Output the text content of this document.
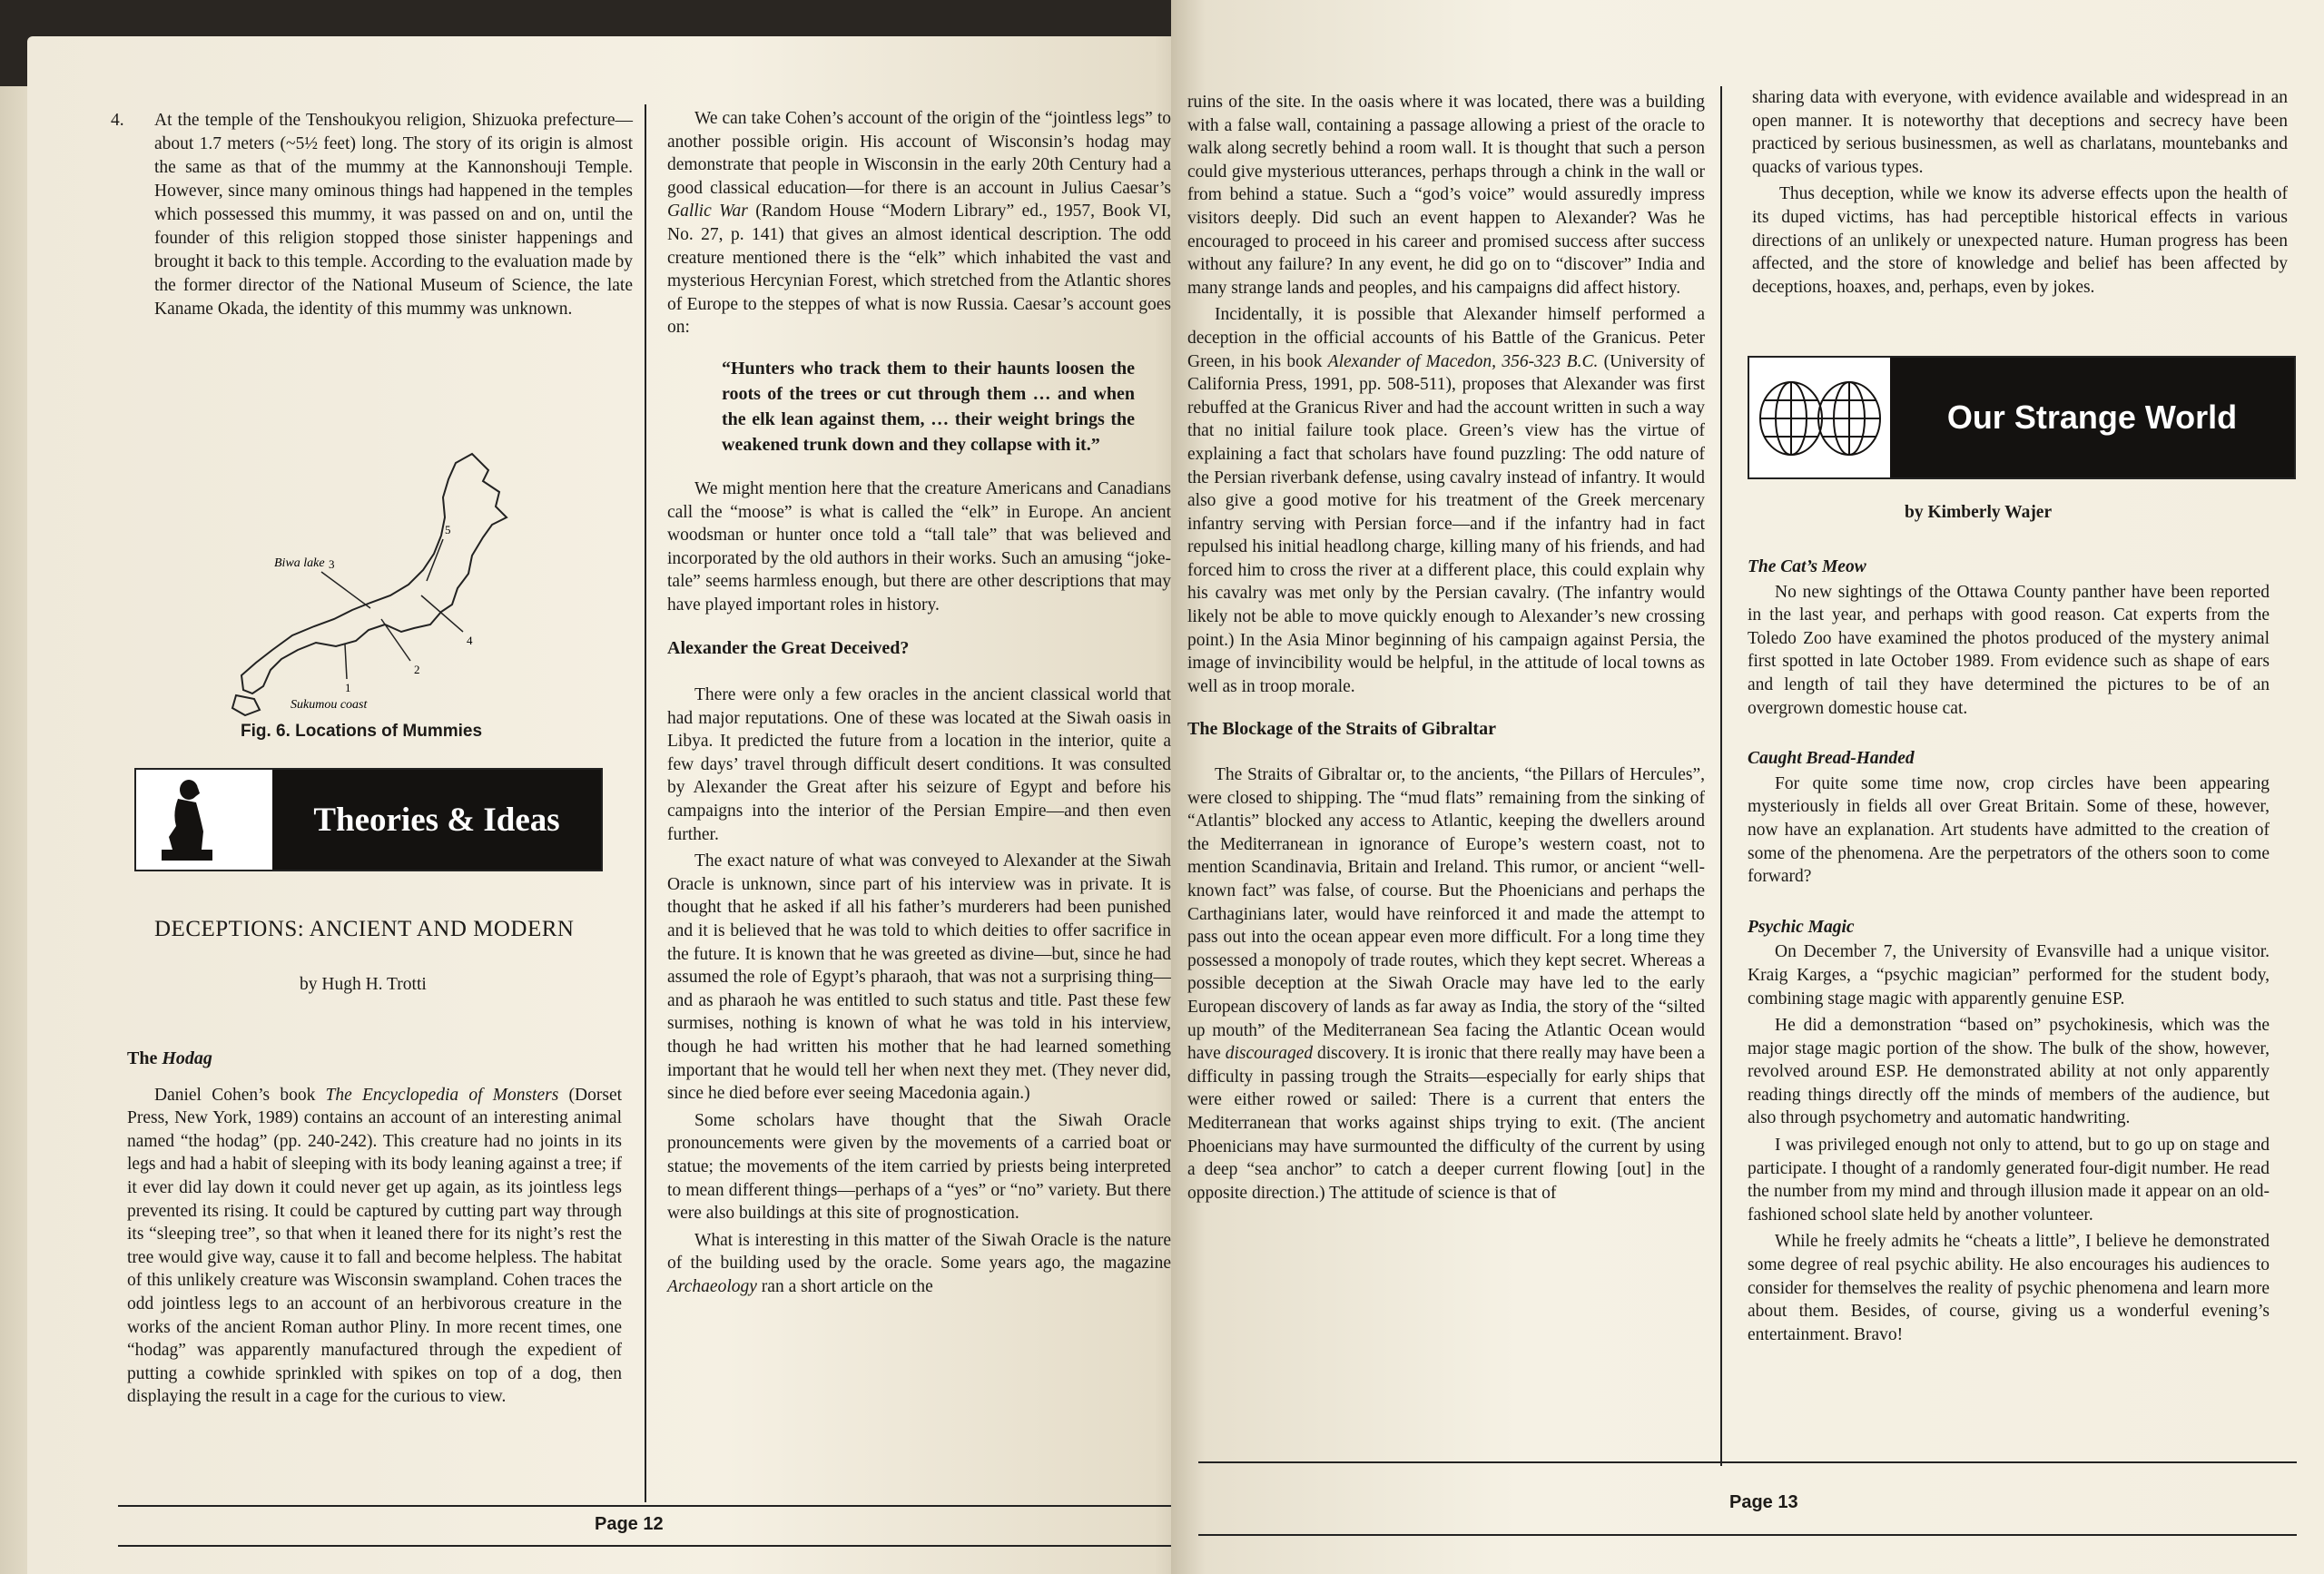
4. At the temple of the Tenshoukyou religion, Shizuoka prefecture—about 1.7 meters (~5½ feet) long. The story of its origin is almost the same as that of the mummy at the Kannonshouji Temple. However, since many ominous things had happened in the temples which possessed this mummy, it was passed on and on, until the founder of this religion stopped those sinister happenings and brought it back to this temple. According to the evaluation made by the former director of the National Museum of Science, the late Kaname Okada, the identity of this mummy was unknown.
Biwa lake
Sukumou coast
1
2
3
4
5
Fig. 6. Locations of Mummies
Theories & Ideas
DECEPTIONS: ANCIENT AND MODERN
by Hugh H. Trotti
The Hodag

Daniel Cohen’s book The Encyclopedia of Monsters (Dorset Press, New York, 1989) contains an account of an interesting animal named “the hodag” (pp. 240-242). This creature had no joints in its legs and had a habit of sleeping with its body leaning against a tree; if it ever did lay down it could never get up again, as its jointless legs prevented its rising. It could be captured by cutting part way through its “sleeping tree”, so that when it leaned there for its night’s rest the tree would give way, cause it to fall and become helpless. The habitat of this unlikely creature was Wisconsin swampland. Cohen traces the odd jointless legs to an account of an herbivorous creature in the works of the ancient Roman author Pliny. In more recent times, one “hodag” was apparently manufactured through the expedient of putting a cowhide sprinkled with spikes on top of a dog, then displaying the result in a cage for the curious to view.

We can take Cohen’s account of the origin of the “jointless legs” to another possible origin. His account of Wisconsin’s hodag may demonstrate that people in Wisconsin in the early 20th Century had a good classical education—for there is an account in Julius Caesar’s Gallic War (Random House “Modern Library” ed., 1957, Book VI, No. 27, p. 141) that gives an almost identical description. The odd creature mentioned there is the “elk” which inhabited the vast and mysterious Hercynian Forest, which stretched from the Atlantic shores of Europe to the steppes of what is now Russia. Caesar’s account goes on:

“Hunters who track them to their haunts loosen the roots of the trees or cut through them … and when the elk lean against them, … their weight brings the weakened trunk down and they collapse with it.”

We might mention here that the creature Americans and Canadians call the “moose” is what is called the “elk” in Europe. An ancient woodsman or hunter once told a “tall tale” that was believed and incorporated by the old authors in their works. Such an amusing “joke-tale” seems harmless enough, but there are other descriptions that may have played important roles in history.

Alexander the Great Deceived?

There were only a few oracles in the ancient classical world that had major reputations. One of these was located at the Siwah oasis in Libya. It predicted the future from a location in the interior, quite a few days’ travel through difficult desert conditions. It was consulted by Alexander the Great after his seizure of Egypt and before his campaigns into the interior of the Persian Empire—and then even further.

The exact nature of what was conveyed to Alexander at the Siwah Oracle is unknown, since part of his interview was in private. It is thought that he asked if all his father’s murderers had been punished and it is believed that he was told to which deities to offer sacrifice in the future. It is known that he was greeted as divine—but, since he had assumed the role of Egypt’s pharaoh, that was not a surprising thing—and as pharaoh he was entitled to such status and title. Past these few surmises, nothing is known of what he was told in his interview, though he had written his mother that he had learned something important that he would tell her when next they met. (They never did, since he died before ever seeing Macedonia again.)

Some scholars have thought that the Siwah Oracle pronouncements were given by the movements of a carried boat or statue; the movements of the item carried by priests being interpreted to mean different things—perhaps of a “yes” or “no” variety. But there were also buildings at this site of prognostication.

What is interesting in this matter of the Siwah Oracle is the nature of the building used by the oracle. Some years ago, the magazine Archaeology ran a short article on the

Page 12

ruins of the site. In the oasis where it was located, there was a building with a false wall, containing a passage allowing a priest of the oracle to walk along secretly behind a room wall. It is thought that such a person could give mysterious utterances, perhaps through a chink in the wall or from behind a statue. Such a “god’s voice” would assuredly impress visitors deeply. Did such an event happen to Alexander? Was he encouraged to proceed in his career and promised success after success without any failure? In any event, he did go on to “discover” India and many strange lands and peoples, and his campaigns did affect history.

Incidentally, it is possible that Alexander himself performed a deception in the official accounts of his Battle of the Granicus. Peter Green, in his book Alexander of Macedon, 356-323 B.C. (University of California Press, 1991, pp. 508-511), proposes that Alexander was first rebuffed at the Granicus River and had the account written in such a way that no initial failure took place. Green’s view has the virtue of explaining a fact that scholars have found puzzling: The odd nature of the Persian riverbank defense, using cavalry instead of infantry. It would also give a good motive for his treatment of the Greek mercenary infantry serving with Persian force—and if the infantry had in fact repulsed his initial headlong charge, killing many of his friends, and had forced him to cross the river at a different place, this could explain why his cavalry was met only by the Persian cavalry. (The infantry would likely not be able to move quickly enough to Alexander’s new crossing point.) In the Asia Minor beginning of his campaign against Persia, the image of invincibility would be helpful, in the attitude of local towns as well as in troop morale.

The Blockage of the Straits of Gibraltar

The Straits of Gibraltar or, to the ancients, “the Pillars of Hercules”, were closed to shipping. The “mud flats” remaining from the sinking of “Atlantis” blocked any access to Atlantic, keeping the dwellers around the Mediterranean in ignorance of Europe’s western coast, not to mention Scandinavia, Britain and Ireland. This rumor, or ancient “well-known fact” was false, of course. But the Phoenicians and perhaps the Carthaginians later, would have reinforced it and made the attempt to pass out into the ocean appear even more difficult. For a long time they possessed a monopoly of trade routes, which they kept secret. Whereas a possible deception at the Siwah Oracle may have led to the early European discovery of lands as far away as India, the story of the “silted up mouth” of the Mediterranean Sea facing the Atlantic Ocean would have discouraged discovery. It is ironic that there really may have been a difficulty in passing trough the Straits—especially for early ships that were either rowed or sailed: There is a current that enters the Mediterranean that works against ships trying to exit. (The ancient Phoenicians may have surmounted the difficulty of the current by using a deep “sea anchor” to catch a deeper current flowing [out] in the opposite direction.) The attitude of science is that of

sharing data with everyone, with evidence available and widespread in an open manner. It is noteworthy that deceptions and secrecy have been practiced by serious businessmen, as well as charlatans, mountebanks and quacks of various types.

Thus deception, while we know its adverse effects upon the health of its duped victims, has had perceptible historical effects in various directions of an unlikely or unexpected nature. Human progress has been affected, and the store of knowledge and belief has been affected by deceptions, hoaxes, and, perhaps, even by jokes.

Our Strange World
by Kimberly Wajer
The Cat’s Meow

No new sightings of the Ottawa County panther have been reported in the last year, and perhaps with good reason. Cat experts from the Toledo Zoo have examined the photos produced of the mystery animal first spotted in late October 1989. From evidence such as shape of ears and length of tail they have determined the pictures to be of an overgrown domestic house cat.

Caught Bread-Handed

For quite some time now, crop circles have been appearing mysteriously in fields all over Great Britain. Some of these, however, now have an explanation. Art students have admitted to the creation of some of the phenomena. Are the perpetrators of the others soon to come forward?

Psychic Magic

On December 7, the University of Evansville had a unique visitor. Kraig Karges, a “psychic magician” performed for the student body, combining stage magic with apparently genuine ESP.

He did a demonstration “based on” psychokinesis, which was the major stage magic portion of the show. The bulk of the show, however, revolved around ESP. He demonstrated ability at not only apparently reading things directly off the minds of members of the audience, but also through psychometry and automatic handwriting.

I was privileged enough not only to attend, but to go up on stage and participate. I thought of a randomly generated four-digit number. He read the number from my mind and through illusion made it appear on an old-fashioned school slate held by another volunteer.

While he freely admits he “cheats a little”, I believe he demonstrated some degree of real psychic ability. He also encourages his audiences to consider for themselves the reality of psychic phenomena and learn more about them. Besides, of course, giving us a wonderful evening’s entertainment. Bravo!

Page 13
